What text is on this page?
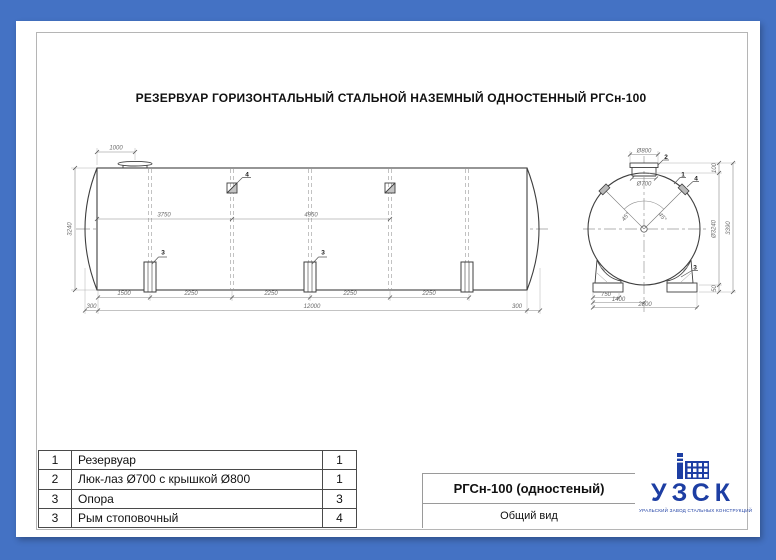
РЕЗЕРВУАР ГОРИЗОНТАЛЬНЫЙ СТАЛЬНОЙ НАЗЕМНЫЙ ОДНОСТЕННЫЙ РГСн-100
1000
3240
3750	4950
1500	2250	2250	2250	2250
300	12000	300
4
3	3
Ø800
Ø700
45°	45°
100
Ø3240 3390
50
750
1400
2800
2
1
4
3
1	Резервуар	1
2	Люк-лаз Ø700 с крышкой Ø800	1
3	Опора	3
3	Рым стоповочный	4
РГСн-100 (одностеный)
Общий вид
УЗСК
УРАЛЬСКИЙ ЗАВОД СТАЛЬНЫХ КОНСТРУКЦИЙ
